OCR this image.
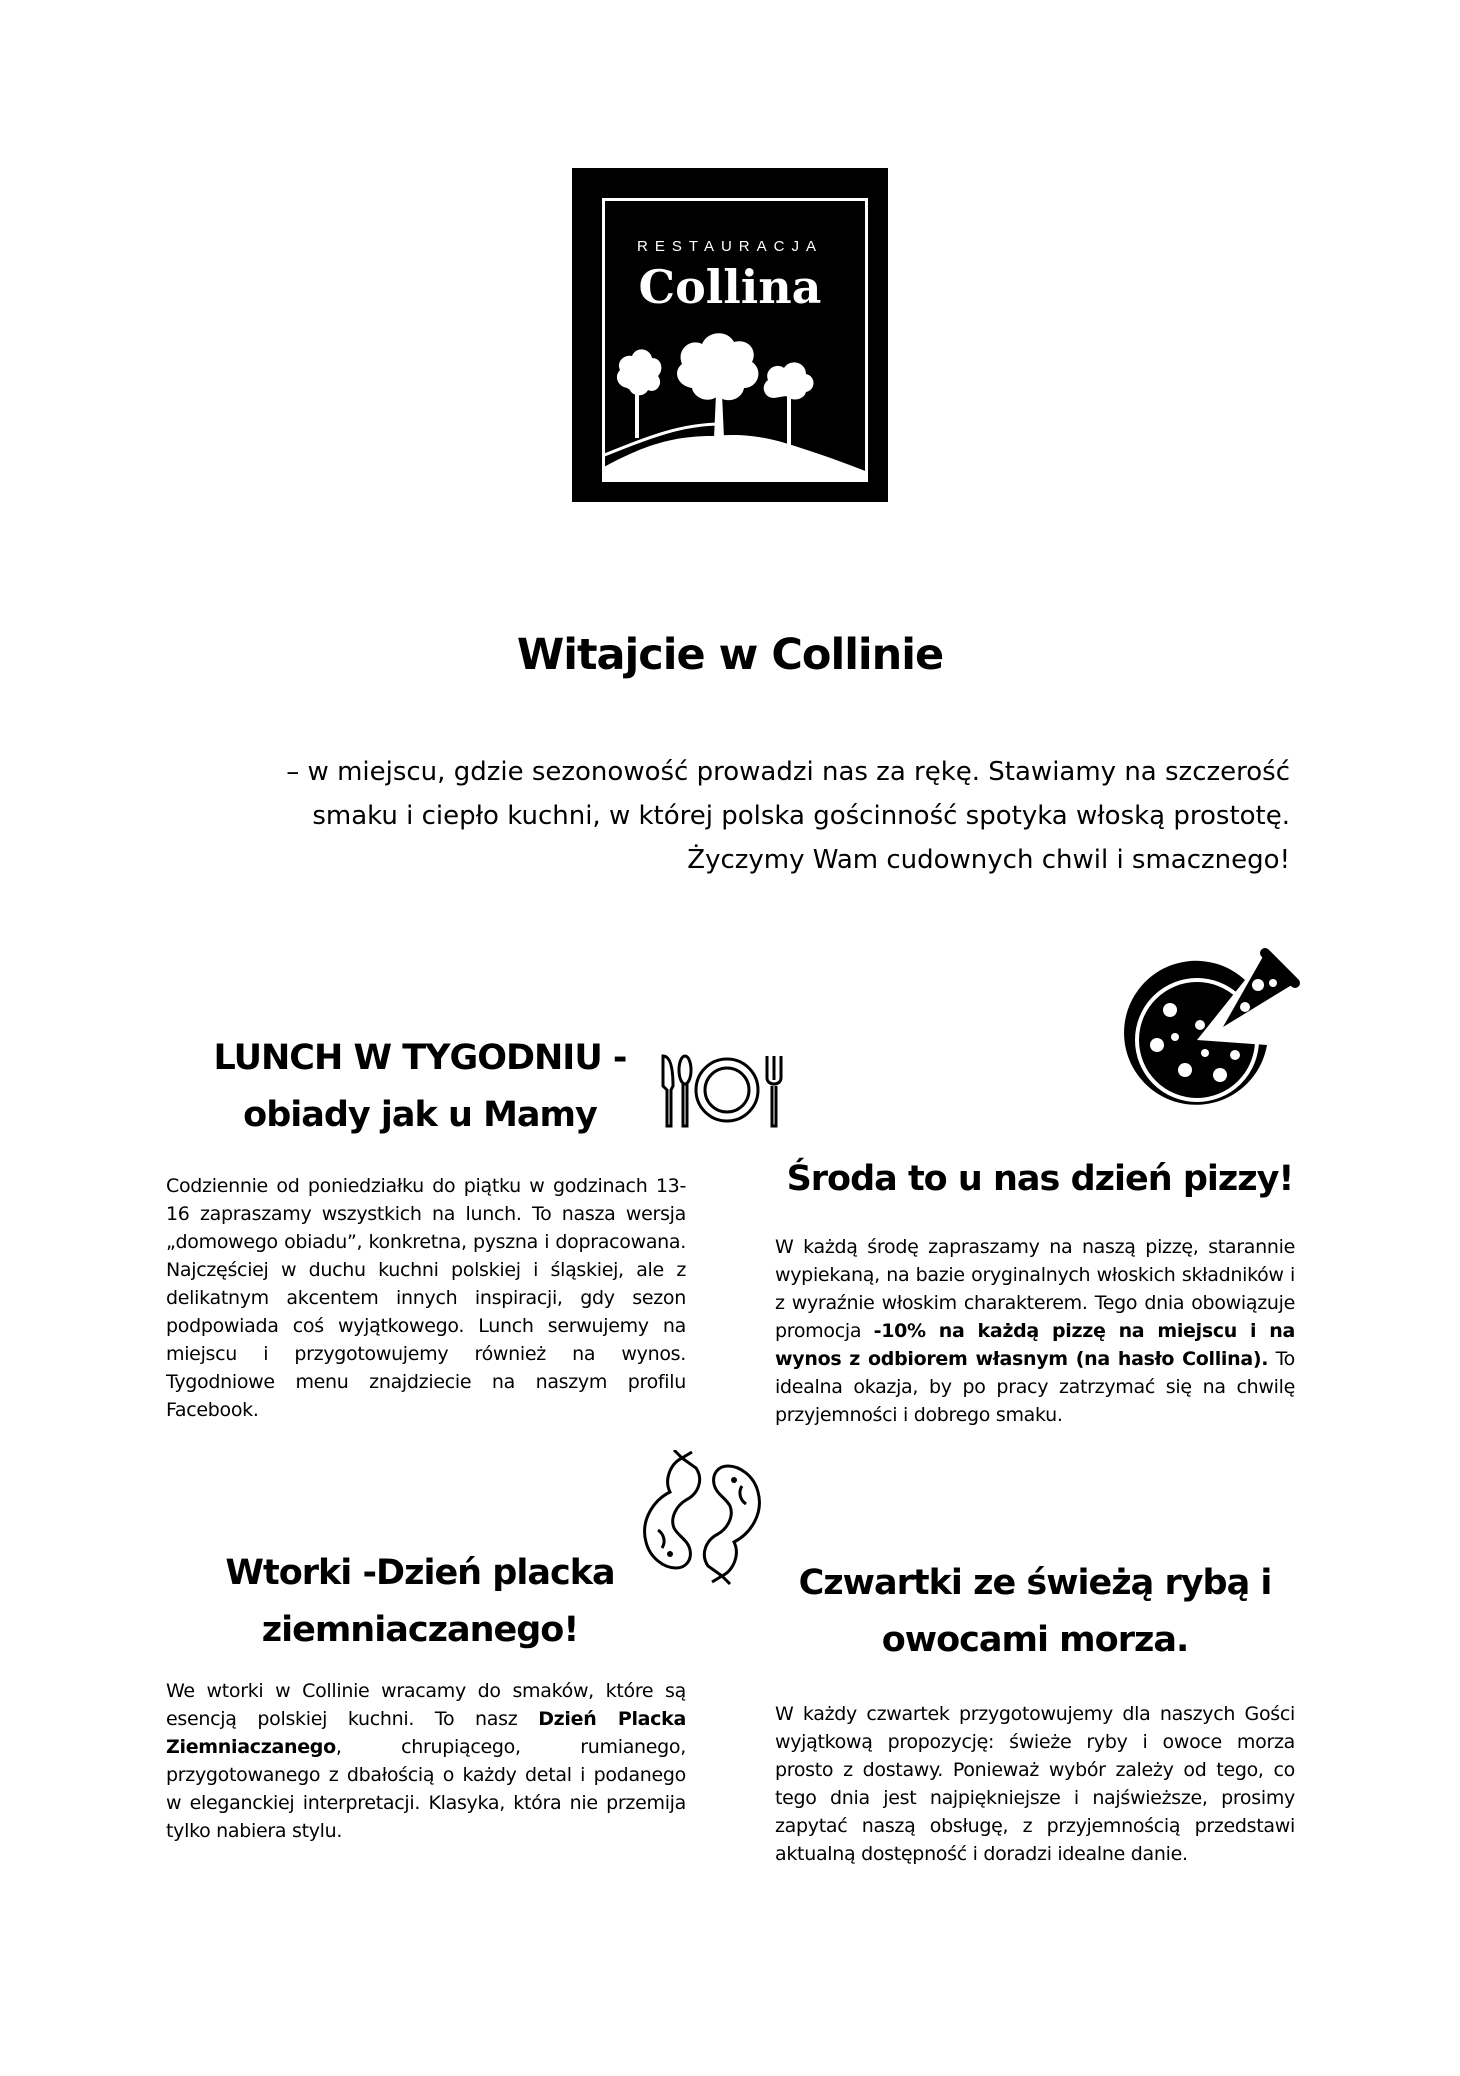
RESTAURACJA
Collina
Witajcie w Collinie
– w miejscu, gdzie sezonowość prowadzi nas za rękę. Stawiamy na szczerość
smaku i ciepło kuchni, w której polska gościnność spotyka włoską prostotę.
Życzymy Wam cudownych chwil i smacznego!
LUNCH W TYGODNIU -
obiady jak u Mamy

Codziennie od poniedziałku do piątku w godzinach 13-16 zapraszamy wszystkich na lunch. To nasza wersja „domowego obiadu”, konkretna, pyszna i dopracowana. Najczęściej w duchu kuchni polskiej i śląskiej, ale z delikatnym akcentem innych inspiracji, gdy sezon podpowiada coś wyjątkowego. Lunch serwujemy na miejscu i przygotowujemy również na wynos. Tygodniowe menu znajdziecie na naszym profilu Facebook.

Środa to u nas dzień pizzy!

W każdą środę zapraszamy na naszą pizzę, starannie wypiekaną, na bazie oryginalnych włoskich składników i z wyraźnie włoskim charakterem. Tego dnia obowiązuje promocja -10% na każdą pizzę na miejscu i na wynos z odbiorem własnym (na hasło Collina). To idealna okazja, by po pracy zatrzymać się na chwilę przyjemności i dobrego smaku.

Wtorki -Dzień placka
ziemniaczanego!

We wtorki w Collinie wracamy do smaków, które są esencją polskiej kuchni. To nasz Dzień Placka Ziemniaczanego, chrupiącego, rumianego, przygotowanego z dbałością o każdy detal i podanego w eleganckiej interpretacji. Klasyka, która nie przemija tylko nabiera stylu.

Czwartki ze świeżą rybą i
owocami morza.

W każdy czwartek przygotowujemy dla naszych Gości wyjątkową propozycję: świeże ryby i owoce morza prosto z dostawy. Ponieważ wybór zależy od tego, co tego dnia jest najpiękniejsze i najświeższe, prosimy zapytać naszą obsługę, z przyjemnością przedstawi aktualną dostępność i doradzi idealne danie.
